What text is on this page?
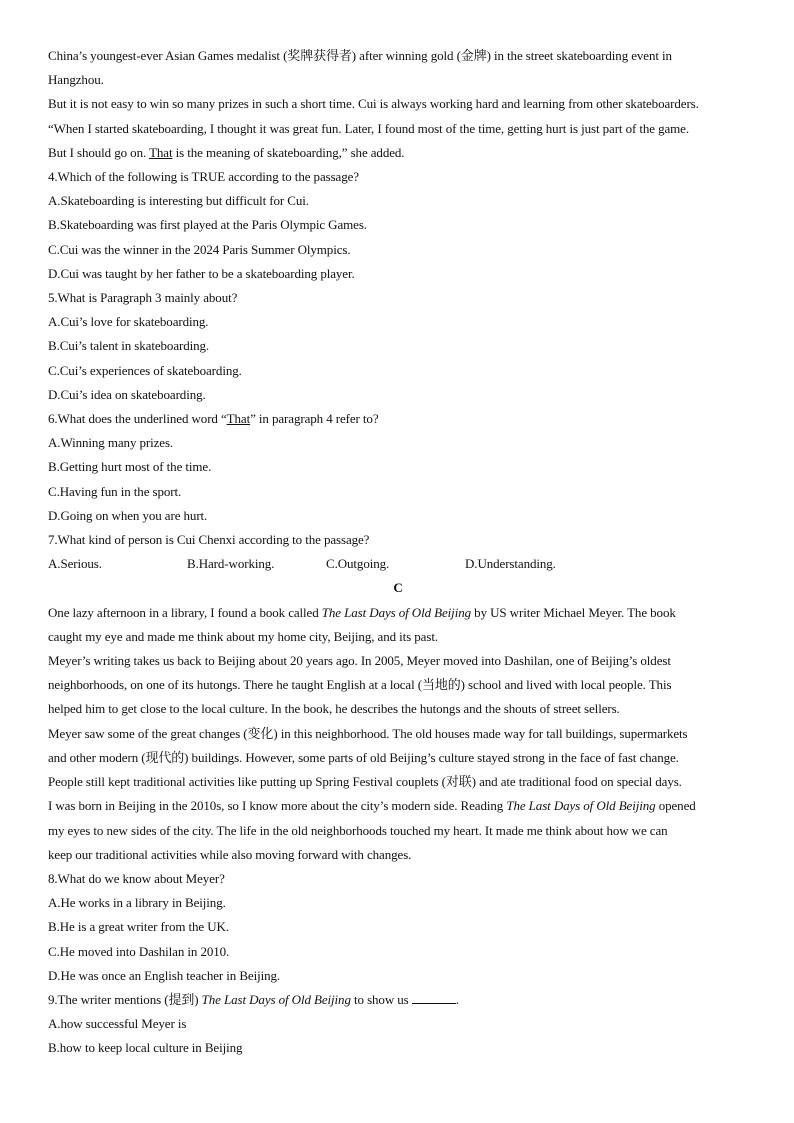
China’s youngest-ever Asian Games medalist (奖牌获得者) after winning gold (金牌) in the street skateboarding event in
Hangzhou.
But it is not easy to win so many prizes in such a short time. Cui is always working hard and learning from other skateboarders.
“When I started skateboarding, I thought it was great fun. Later, I found most of the time, getting hurt is just part of the game.
But I should go on. That is the meaning of skateboarding,” she added.
4.Which of the following is TRUE according to the passage?
A.Skateboarding is interesting but difficult for Cui.
B.Skateboarding was first played at the Paris Olympic Games.
C.Cui was the winner in the 2024 Paris Summer Olympics.
D.Cui was taught by her father to be a skateboarding player.
5.What is Paragraph 3 mainly about?
A.Cui’s love for skateboarding.
B.Cui’s talent in skateboarding.
C.Cui’s experiences of skateboarding.
D.Cui’s idea on skateboarding.
6.What does the underlined word “That” in paragraph 4 refer to?
A.Winning many prizes.
B.Getting hurt most of the time.
C.Having fun in the sport.
D.Going on when you are hurt.
7.What kind of person is Cui Chenxi according to the passage?
A.Serious.	B.Hard-working.	C.Outgoing.	D.Understanding.
C
One lazy afternoon in a library, I found a book called The Last Days of Old Beijing by US writer Michael Meyer. The book
caught my eye and made me think about my home city, Beijing, and its past.
Meyer’s writing takes us back to Beijing about 20 years ago. In 2005, Meyer moved into Dashilan, one of Beijing’s oldest
neighborhoods, on one of its hutongs. There he taught English at a local (当地的) school and lived with local people. This
helped him to get close to the local culture. In the book, he describes the hutongs and the shouts of street sellers.
Meyer saw some of the great changes (变化) in this neighborhood. The old houses made way for tall buildings, supermarkets
and other modern (现代的) buildings. However, some parts of old Beijing’s culture stayed strong in the face of fast change.
People still kept traditional activities like putting up Spring Festival couplets (对联) and ate traditional food on special days.
I was born in Beijing in the 2010s, so I know more about the city’s modern side. Reading The Last Days of Old Beijing opened
my eyes to new sides of the city. The life in the old neighborhoods touched my heart. It made me think about how we can
keep our traditional activities while also moving forward with changes.
8.What do we know about Meyer?
A.He works in a library in Beijing.
B.He is a great writer from the UK.
C.He moved into Dashilan in 2010.
D.He was once an English teacher in Beijing.
9.The writer mentions (提到) The Last Days of Old Beijing to show us	.
A.how successful Meyer is
B.how to keep local culture in Beijing
